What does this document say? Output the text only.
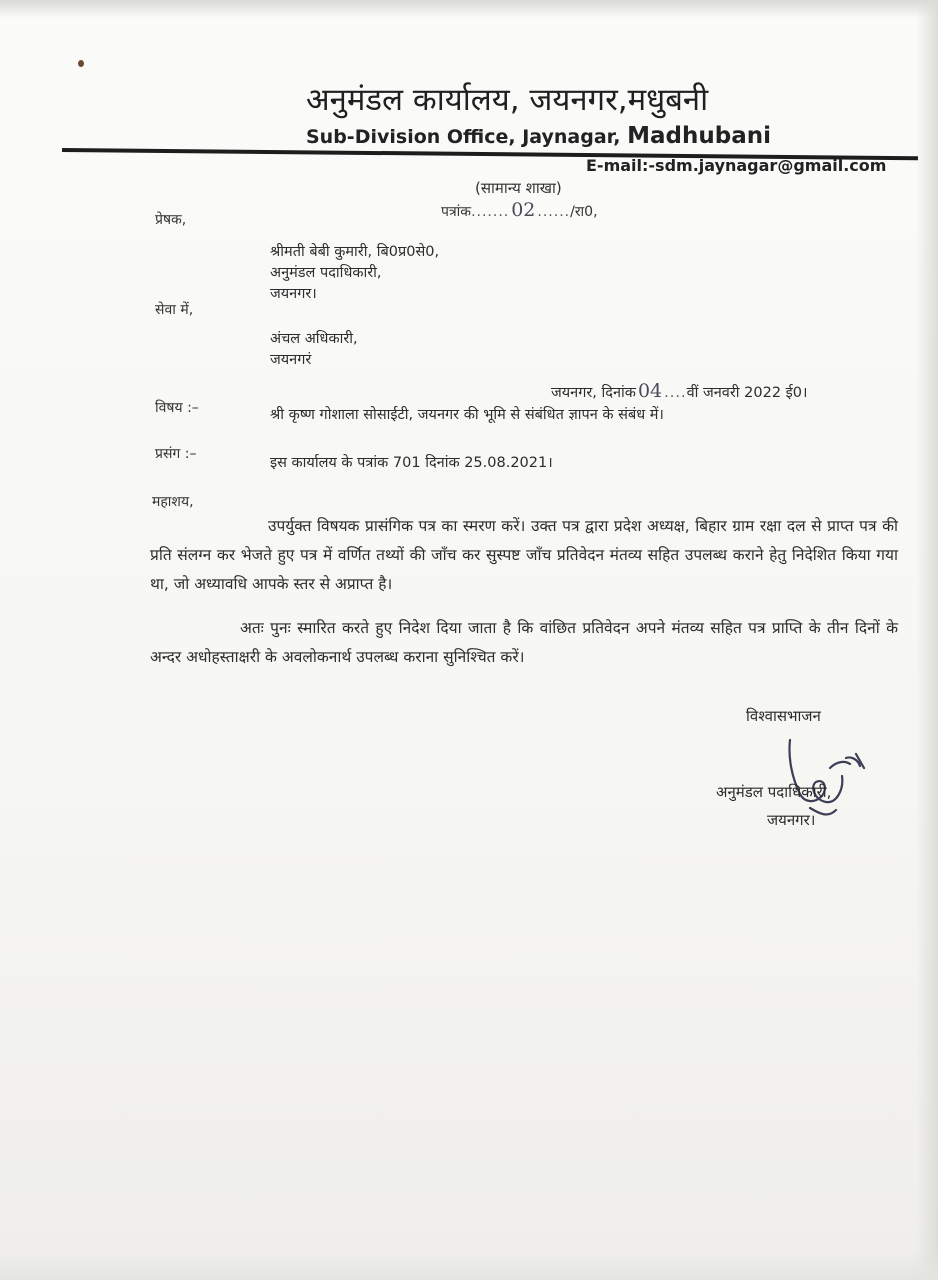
अनुमंडल कार्यालय, जयनगर,मधुबनी
Sub-Division Office, Jaynagar, Madhubani
E-mail:-sdm.jaynagar@gmail.com
(सामान्य शाखा)
पत्रांक....... 02 ....../रा0,
प्रेषक,
श्रीमती बेबी कुमारी, बि0प्र0से0,
अनुमंडल पदाधिकारी,
जयनगर।
सेवा में,
अंचल अधिकारी,
जयनगरं
जयनगर, दिनांक 04 ....वीं जनवरी 2022 ई0।
विषय :–	श्री कृष्ण गोशाला सोसाईटी, जयनगर की भूमि से संबंधित ज्ञापन के संबंध में।
प्रसंग :–
इस कार्यालय के पत्रांक 701 दिनांक 25.08.2021।
महाशय,
उपर्युक्त विषयक प्रासंगिक पत्र का स्मरण करें। उक्त पत्र द्वारा प्रदेश अध्यक्ष, बिहार ग्राम रक्षा दल से प्राप्त पत्र की प्रति संलग्न कर भेजते हुए पत्र में वर्णित तथ्यों की जाँच कर सुस्पष्ट जाँच प्रतिवेदन मंतव्य सहित उपलब्ध कराने हेतु निदेशित किया गया था, जो अध्यावधि आपके स्तर से अप्राप्त है।
अतः पुनः स्मारित करते हुए निदेश दिया जाता है कि वांछित प्रतिवेदन अपने मंतव्य सहित पत्र प्राप्ति के तीन दिनों के अन्दर अधोहस्ताक्षरी के अवलोकनार्थ उपलब्ध कराना सुनिश्चित करें।
विश्वासभाजन
अनुमंडल पदाधिकारी,
जयनगर।
